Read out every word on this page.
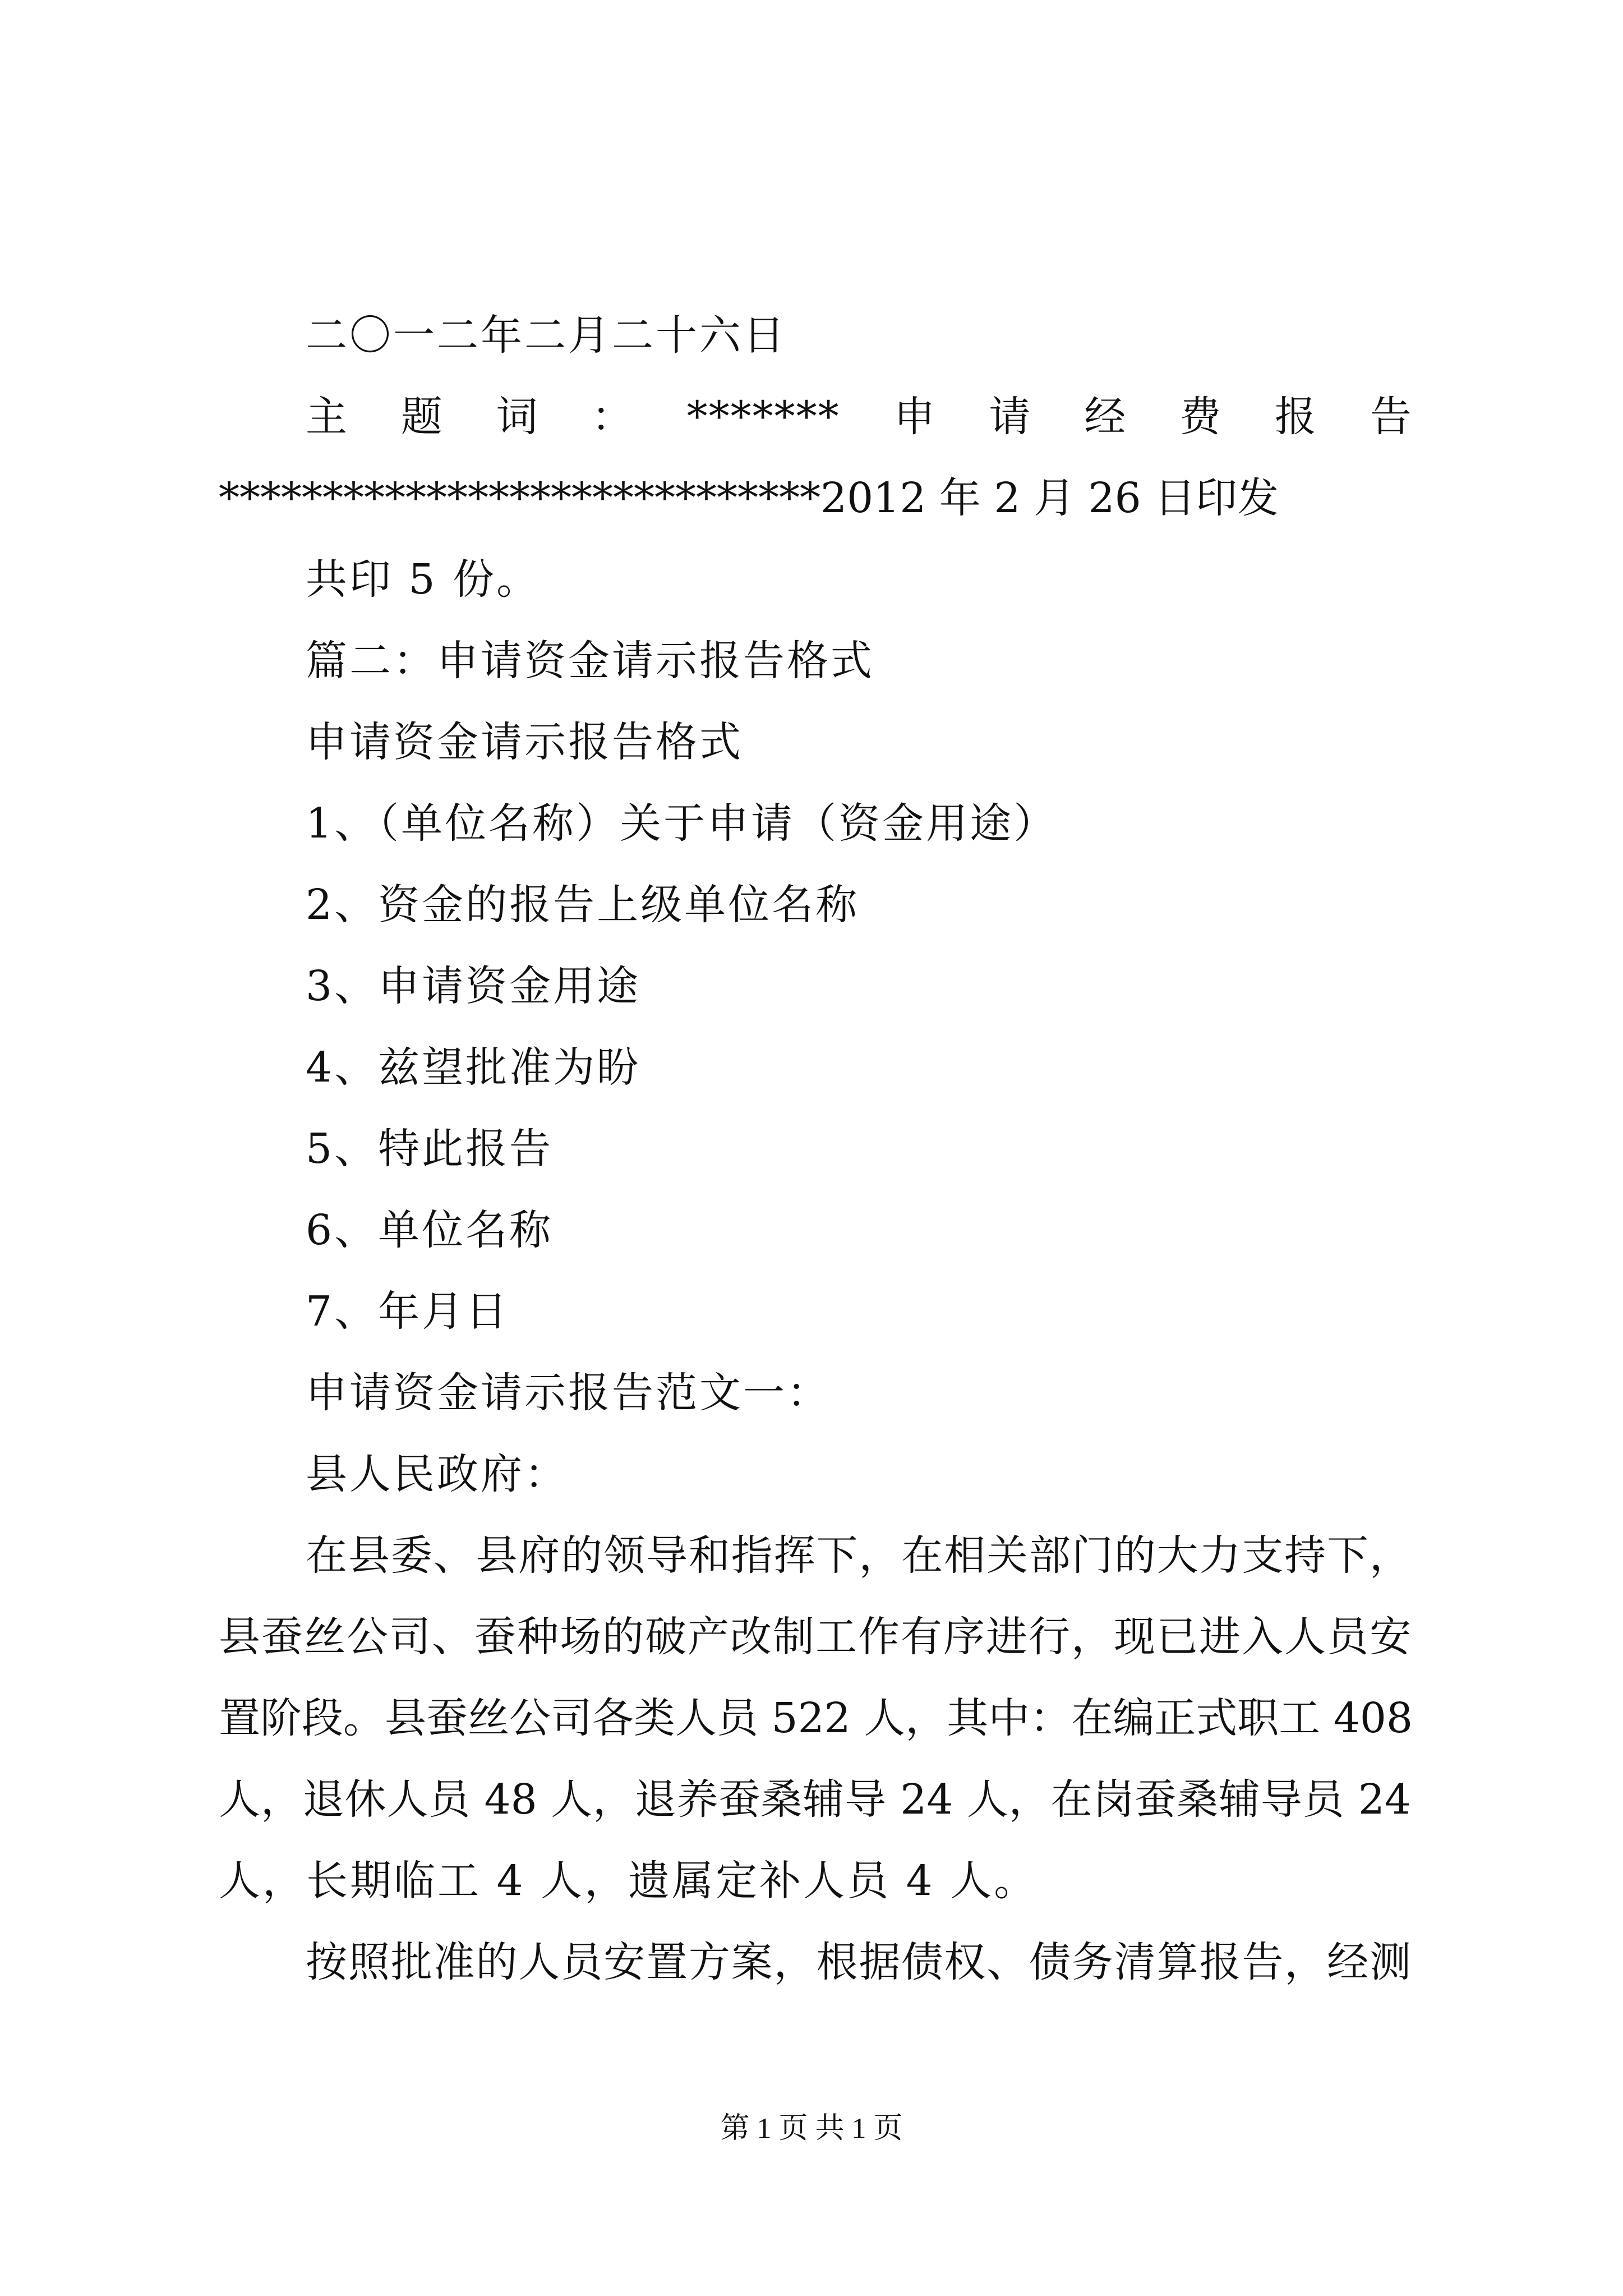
二〇一二年二月二十六日
主 题 词 ： ******* 申 请 经 费 报 告
*****************************2012 年 2 月 26 日印发
共印 5 份。
篇二：申请资金请示报告格式
申请资金请示报告格式
1、（单位名称）关于申请（资金用途）
2、资金的报告上级单位名称
3、申请资金用途
4、兹望批准为盼
5、特此报告
6、单位名称
7、年月日
申请资金请示报告范文一：
县人民政府：
在县委、县府的领导和指挥下，在相关部门的大力支持下，
县蚕丝公司、蚕种场的破产改制工作有序进行，现已进入人员安
置阶段。县蚕丝公司各类人员 522 人，其中：在编正式职工 408
人，退休人员 48 人，退养蚕桑辅导 24 人，在岗蚕桑辅导员 24
人，长期临工 4 人，遗属定补人员 4 人。
按照批准的人员安置方案，根据债权、债务清算报告，经测
第 1 页 共 1 页
